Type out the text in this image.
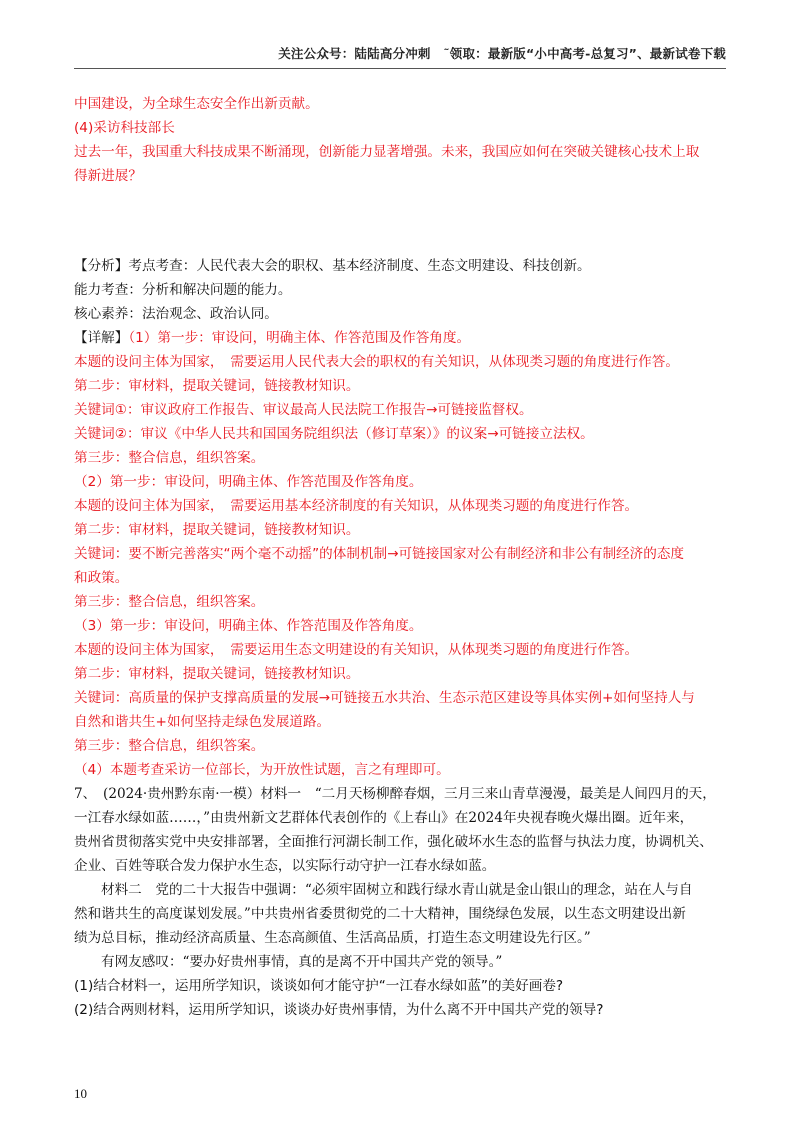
关注公众号：陆陆高分冲刺　˜领取：最新版“小中高考-总复习”、最新试卷下载
中国建设，为全球生态安全作出新贡献。
(4)采访科技部长
过去一年，我国重大科技成果不断涌现，创新能力显著增强。未来，我国应如何在突破关键核心技术上取
得新进展？
【分析】考点考查：人民代表大会的职权、基本经济制度、生态文明建设、科技创新。
能力考查：分析和解决问题的能力。
核心素养：法治观念、政治认同。
【详解】（1）第一步：审设问，明确主体、作答范围及作答角度。
本题的设问主体为国家，　需要运用人民代表大会的职权的有关知识，从体现类习题的角度进行作答。
第二步：审材料，提取关键词，链接教材知识。
关键词①：审议政府工作报告、审议最高人民法院工作报告→可链接监督权。
关键词②：审议《中华人民共和国国务院组织法（修订草案）》的议案→可链接立法权。
第三步：整合信息，组织答案。
（2）第一步：审设问，明确主体、作答范围及作答角度。
本题的设问主体为国家，　需要运用基本经济制度的有关知识，从体现类习题的角度进行作答。
第二步：审材料，提取关键词，链接教材知识。
关键词：要不断完善落实“两个毫不动摇”的体制机制→可链接国家对公有制经济和非公有制经济的态度
和政策。
第三步：整合信息，组织答案。
（3）第一步：审设问，明确主体、作答范围及作答角度。
本题的设问主体为国家，　需要运用生态文明建设的有关知识，从体现类习题的角度进行作答。
第二步：审材料，提取关键词，链接教材知识。
关键词：高质量的保护支撑高质量的发展→可链接五水共治、生态示范区建设等具体实例+如何坚持人与
自然和谐共生+如何坚持走绿色发展道路。
第三步：整合信息，组织答案。
（4）本题考查采访一位部长，为开放性试题，言之有理即可。
7、　(2024·贵州黔东南·一模）材料一　“二月天杨柳醉春烟，三月三来山青草漫漫，最美是人间四月的天，
一江春水绿如蓝……，”由贵州新文艺群体代表创作的《上春山》在2024年央视春晚火爆出圈。近年来，
贵州省贯彻落实党中央安排部署，全面推行河湖长制工作，强化破坏水生态的监督与执法力度，协调机关、
企业、百姓等联合发力保护水生态，以实际行动守护一江春水绿如蓝。
材料二　党的二十大报告中强调：“必须牢固树立和践行绿水青山就是金山银山的理念，站在人与自
然和谐共生的高度谋划发展。”中共贵州省委贯彻党的二十大精神，围绕绿色发展，以生态文明建设出新
绩为总目标，推动经济高质量、生态高颜值、生活高品质，打造生态文明建设先行区。”
有网友感叹：“要办好贵州事情，真的是离不开中国共产党的领导。”
(1)结合材料一，运用所学知识，谈谈如何才能守护“一江春水绿如蓝”的美好画卷?
(2)结合两则材料，运用所学知识，谈谈办好贵州事情，为什么离不开中国共产党的领导?
10
